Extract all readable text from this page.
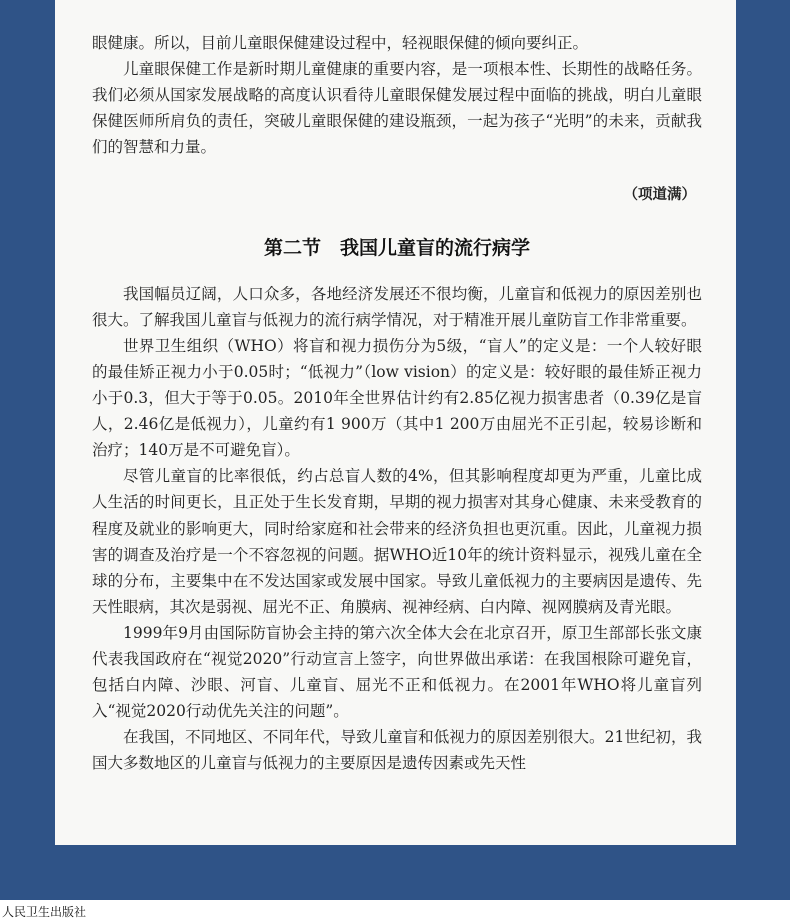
眼健康。所以，目前儿童眼保健建设过程中，轻视眼保健的倾向要纠正。

儿童眼保健工作是新时期儿童健康的重要内容，是一项根本性、长期性的战略任务。我们必须从国家发展战略的高度认识看待儿童眼保健发展过程中面临的挑战，明白儿童眼保健医师所肩负的责任，突破儿童眼保健的建设瓶颈，一起为孩子“光明”的未来，贡献我们的智慧和力量。

（项道满）
第二节　我国儿童盲的流行病学

我国幅员辽阔，人口众多，各地经济发展还不很均衡，儿童盲和低视力的原因差别也很大。了解我国儿童盲与低视力的流行病学情况，对于精准开展儿童防盲工作非常重要。

世界卫生组织（WHO）将盲和视力损伤分为5级，“盲人”的定义是：一个人较好眼的最佳矫正视力小于0.05时；“低视力”（low vision）的定义是：较好眼的最佳矫正视力小于0.3，但大于等于0.05。2010年全世界估计约有2.85亿视力损害患者（0.39亿是盲人，2.46亿是低视力），儿童约有1 900万（其中1 200万由屈光不正引起，较易诊断和治疗；140万是不可避免盲）。

尽管儿童盲的比率很低，约占总盲人数的4%，但其影响程度却更为严重，儿童比成人生活的时间更长，且正处于生长发育期，早期的视力损害对其身心健康、未来受教育的程度及就业的影响更大，同时给家庭和社会带来的经济负担也更沉重。因此，儿童视力损害的调查及治疗是一个不容忽视的问题。据WHO近10年的统计资料显示，视残儿童在全球的分布，主要集中在不发达国家或发展中国家。导致儿童低视力的主要病因是遗传、先天性眼病，其次是弱视、屈光不正、角膜病、视神经病、白内障、视网膜病及青光眼。

1999年9月由国际防盲协会主持的第六次全体大会在北京召开，原卫生部部长张文康代表我国政府在“视觉2020”行动宣言上签字，向世界做出承诺：在我国根除可避免盲，包括白内障、沙眼、河盲、儿童盲、屈光不正和低视力。在2001年WHO将儿童盲列入“视觉2020行动优先关注的问题”。

在我国，不同地区、不同年代，导致儿童盲和低视力的原因差别很大。21世纪初，我国大多数地区的儿童盲与低视力的主要原因是遗传因素或先天性

人民卫生出版社
